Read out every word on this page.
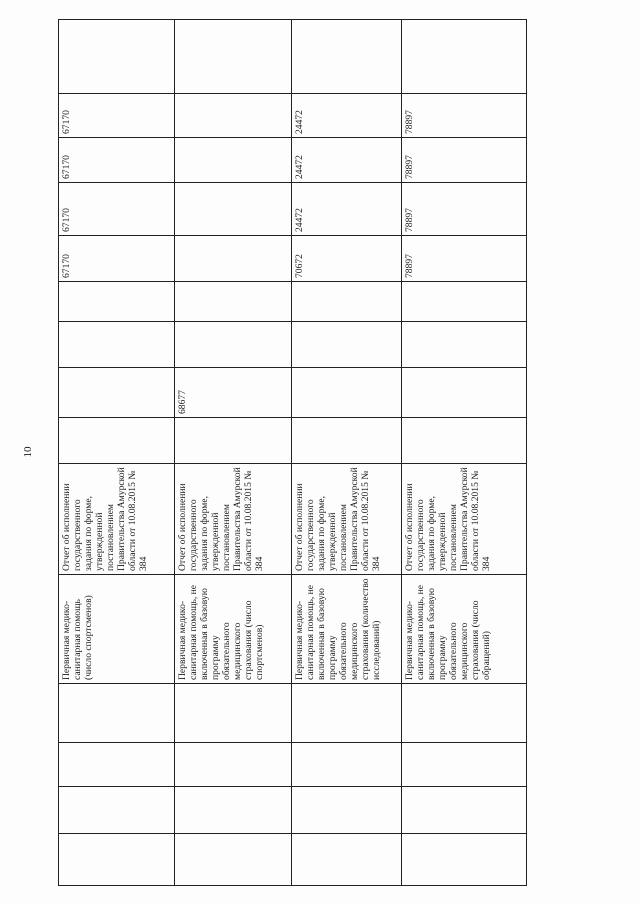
10
				Первичная медико-санитарная помощь (число спортсменов)	Отчет об исполнении государственного задания по форме, утвержденной постановлением Правительства Амурской области от 10.08.2015 № 384					67170	67170	67170	67170	
				Первичная медико-санитарная помощь, не включенная в базовую программу обязательного медицинского страхования (число спортсменов)	Отчет об исполнении государственного задания по форме, утвержденной постановлением Правительства Амурской области от 10.08.2015 № 384		68677							
				Первичная медико-санитарная помощь, не включенная в базовую программу обязательного медицинского страхования (количество исследований)	Отчет об исполнении государственного задания по форме, утвержденной постановлением Правительства Амурской области от 10.08.2015 № 384					70672	24472	24472	24472	
				Первичная медико-санитарная помощь, не включенная в базовую программу обязательного медицинского страхования (число обращений)	Отчет об исполнении государственного задания по форме, утвержденной постановлением Правительства Амурской области от 10.08.2015 № 384					78897	78897	78897	78897	
